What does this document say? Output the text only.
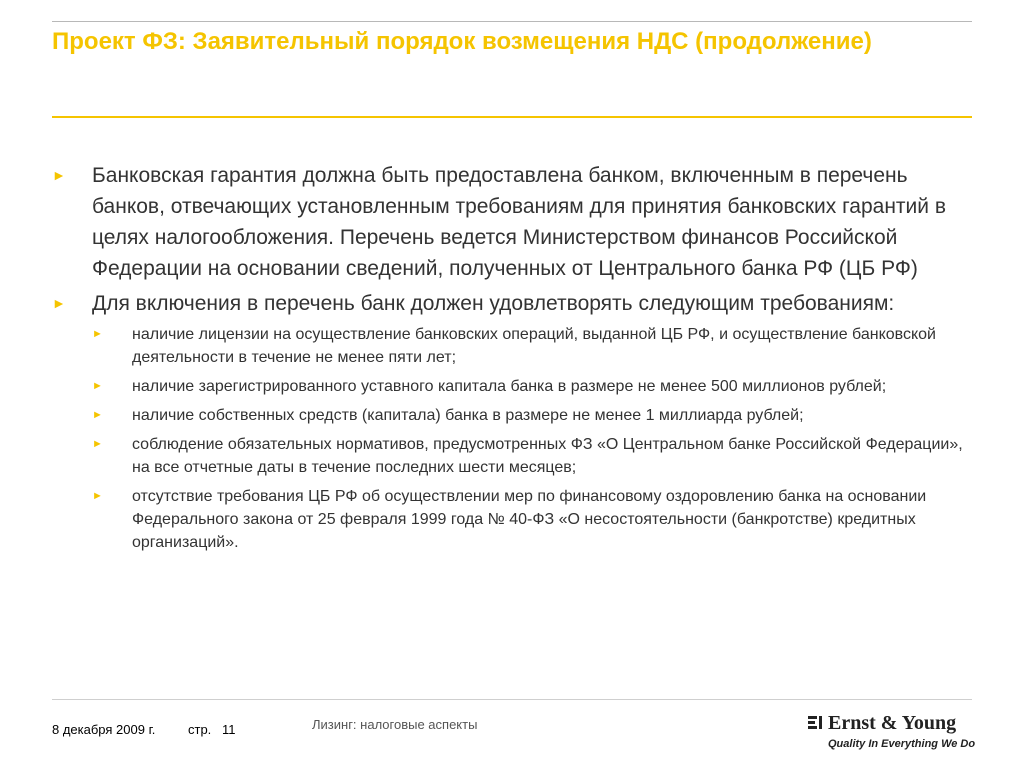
Проект ФЗ: Заявительный порядок возмещения НДС (продолжение)
►	Банковская гарантия должна быть предоставлена банком, включенным в перечень банков, отвечающих установленным требованиям для принятия банковских гарантий в целях налогообложения. Перечень ведется Министерством финансов Российской Федерации на основании сведений, полученных от Центрального банка РФ (ЦБ РФ)
►	Для включения в перечень банк должен удовлетворять следующим требованиям:
►	наличие лицензии на осуществление банковских операций, выданной ЦБ РФ, и осуществление банковской деятельности в течение не менее пяти лет;
►	наличие зарегистрированного уставного капитала банка в размере не менее 500 миллионов рублей;
►	наличие собственных средств (капитала) банка в размере не менее 1 миллиарда рублей;
►	соблюдение обязательных нормативов, предусмотренных ФЗ «О Центральном банке Российской Федерации», на все отчетные даты в течение последних шести месяцев;
►	отсутствие требования ЦБ РФ об осуществлении мер по финансовому оздоровлению банка на основании Федерального закона от 25 февраля 1999 года № 40-ФЗ «О несостоятельности (банкротстве) кредитных организаций».
8 декабря 2009 г.	стр. 11	Лизинг: налоговые аспекты	Ernst & Young
Quality In Everything We Do
